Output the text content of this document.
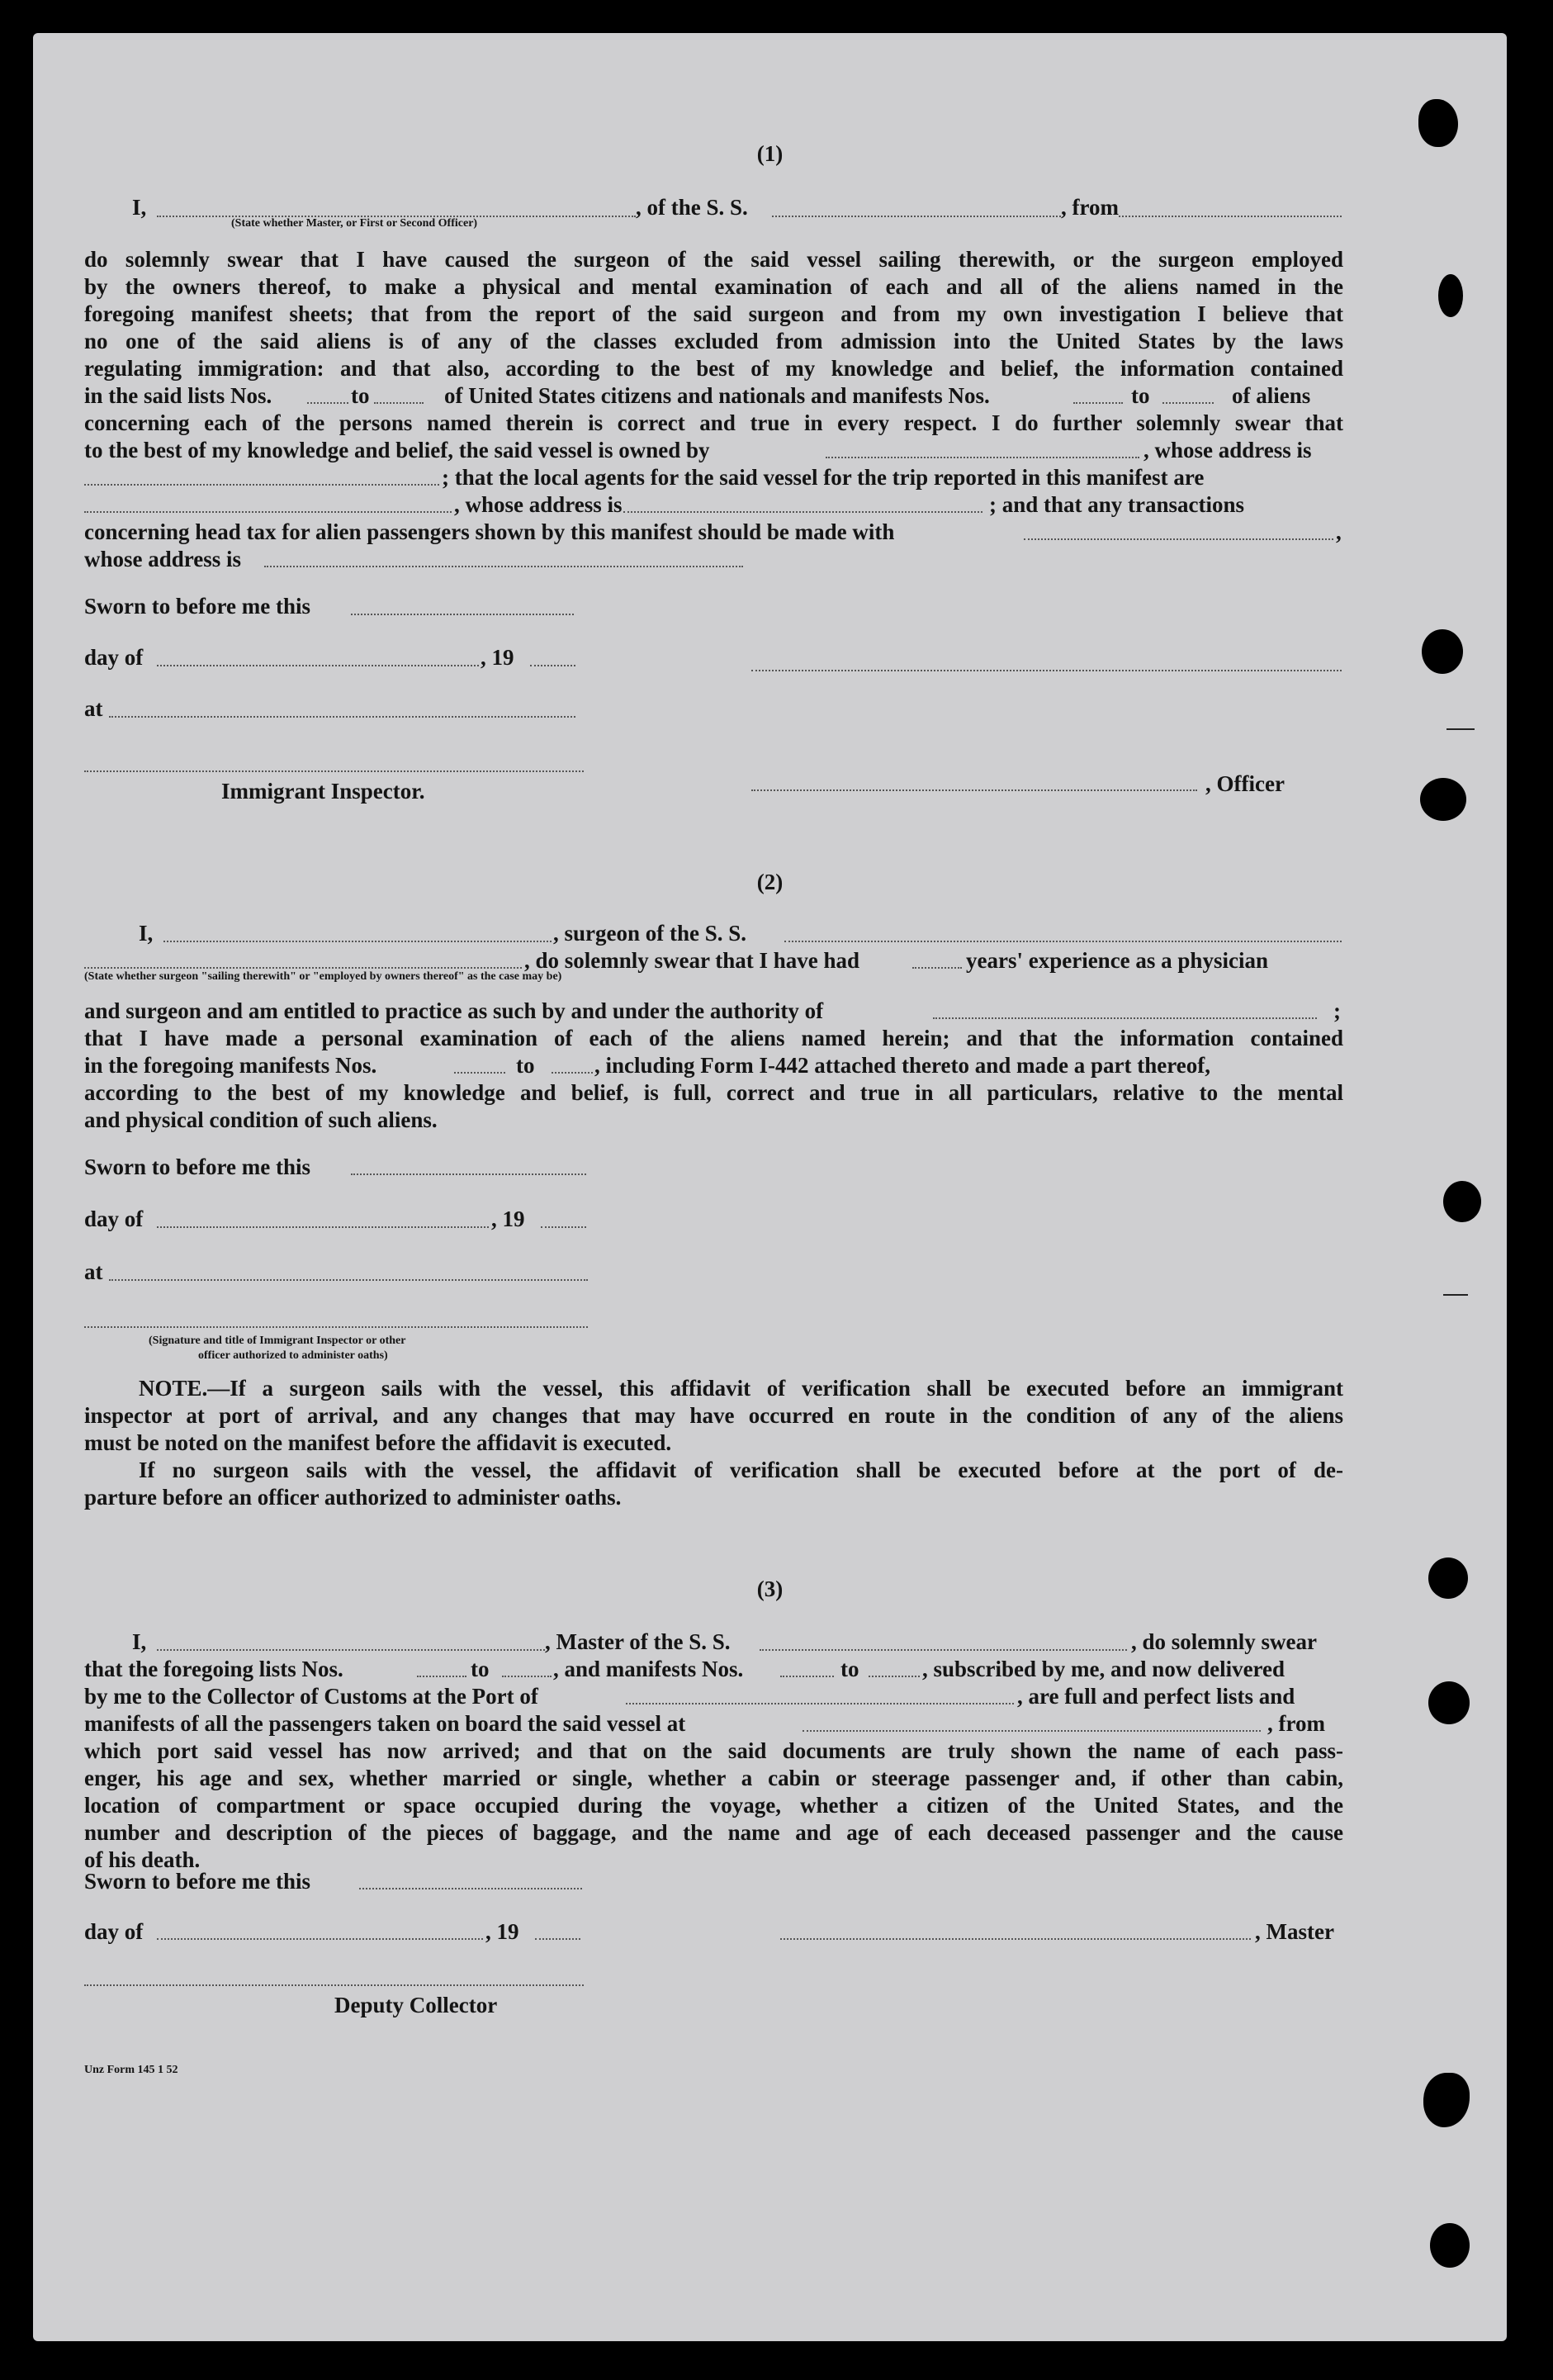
(1)
I,	, of the S. S.	, from
(State whether Master, or First or Second Officer)
do solemnly swear that I have caused the surgeon of the said vessel sailing therewith, or the surgeon employed
by the owners thereof, to make a physical and mental examination of each and all of the aliens named in the
foregoing manifest sheets; that from the report of the said surgeon and from my own investigation I believe that
no one of the said aliens is of any of the classes excluded from admission into the United States by the laws
regulating immigration: and that also, according to the best of my knowledge and belief, the information contained
in the said lists Nos.	to	of United States citizens and nationals and manifests Nos.	to	of aliens
concerning each of the persons named therein is correct and true in every respect. I do further solemnly swear that
to the best of my knowledge and belief, the said vessel is owned by	, whose address is
; that the local agents for the said vessel for the trip reported in this manifest are
, whose address is	; and that any transactions
concerning head tax for alien passengers shown by this manifest should be made with	,
whose address is
Sworn to before me this
day of	, 19
at
Immigrant Inspector.	, Officer
(2)
I,	, surgeon of the S. S.
, do solemnly swear that I have had	years' experience as a physician
(State whether surgeon "sailing therewith" or "employed by owners thereof" as the case may be)
and surgeon and am entitled to practice as such by and under the authority of	;
that I have made a personal examination of each of the aliens named herein; and that the information contained
in the foregoing manifests Nos.	to	, including Form I-442 attached thereto and made a part thereof,
according to the best of my knowledge and belief, is full, correct and true in all particulars, relative to the mental
and physical condition of such aliens.
Sworn to before me this
day of	, 19
at
(Signature and title of Immigrant Inspector or other
officer authorized to administer oaths)
NOTE.—If a surgeon sails with the vessel, this affidavit of verification shall be executed before an immigrant
inspector at port of arrival, and any changes that may have occurred en route in the condition of any of the aliens
must be noted on the manifest before the affidavit is executed.
If no surgeon sails with the vessel, the affidavit of verification shall be executed before at the port of de-
parture before an officer authorized to administer oaths.
(3)
I,	, Master of the S. S.	, do solemnly swear
that the foregoing lists Nos.	to	, and manifests Nos.	to	, subscribed by me, and now delivered
by me to the Collector of Customs at the Port of	, are full and perfect lists and
manifests of all the passengers taken on board the said vessel at	, from
which port said vessel has now arrived; and that on the said documents are truly shown the name of each pass-
enger, his age and sex, whether married or single, whether a cabin or steerage passenger and, if other than cabin,
location of compartment or space occupied during the voyage, whether a citizen of the United States, and the
number and description of the pieces of baggage, and the name and age of each deceased passenger and the cause
of his death.
Sworn to before me this
day of	, 19	, Master
Deputy Collector
Unz Form 145 1 52
